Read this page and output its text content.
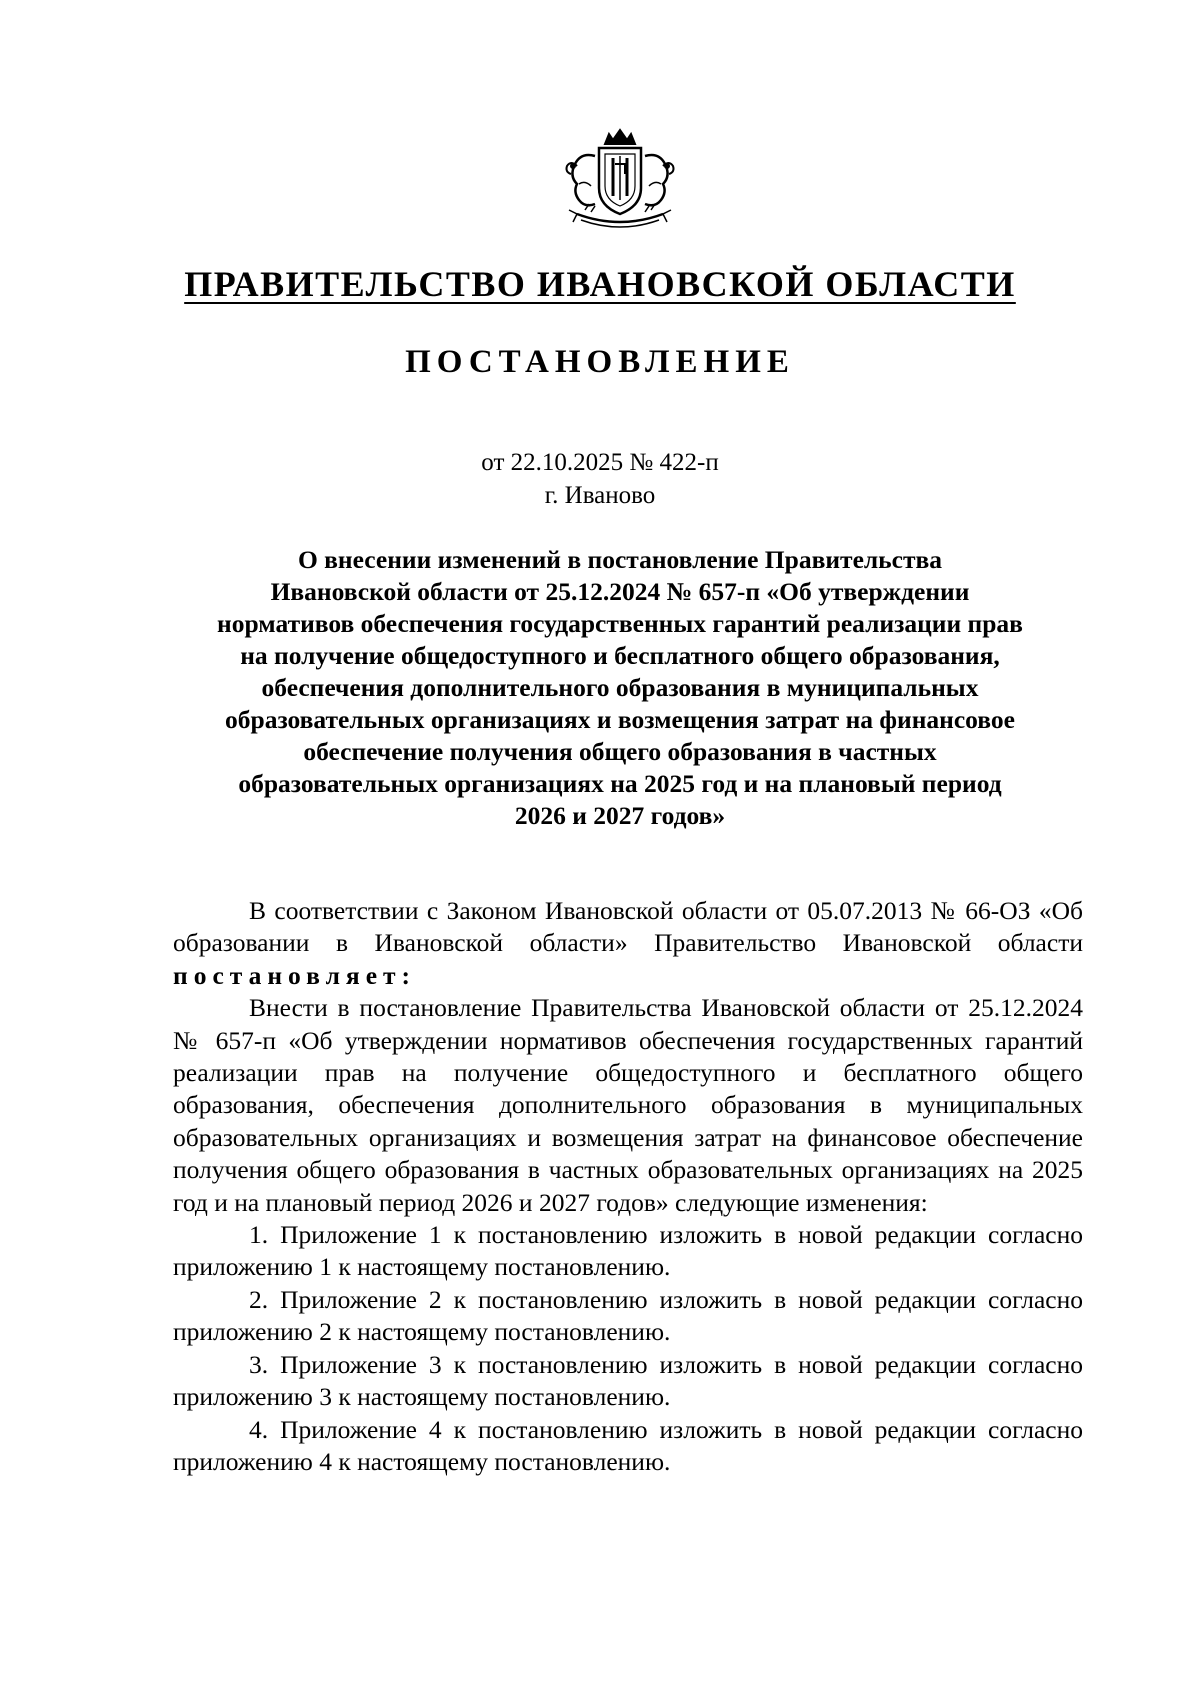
ПРАВИТЕЛЬСТВО ИВАНОВСКОЙ ОБЛАСТИ
ПОСТАНОВЛЕНИЕ
от 22.10.2025 № 422-п
г. Иваново
О внесении изменений в постановление Правительства
Ивановской области от 25.12.2024 № 657-п «Об утверждении
нормативов обеспечения государственных гарантий реализации прав
на получение общедоступного и бесплатного общего образования,
обеспечения дополнительного образования в муниципальных
образовательных организациях и возмещения затрат на финансовое
обеспечение получения общего образования в частных
образовательных организациях на 2025 год и на плановый период
2026 и 2027 годов»

В соответствии с Законом Ивановской области от 05.07.2013 № 66-ОЗ «Об образовании в Ивановской области» Правительство Ивановской области постановляет:

Внести в постановление Правительства Ивановской области от 25.12.2024 № 657-п «Об утверждении нормативов обеспечения государственных гарантий реализации прав на получение общедоступного и бесплатного общего образования, обеспечения дополнительного образования в муниципальных образовательных организациях и возмещения затрат на финансовое обеспечение получения общего образования в частных образовательных организациях на 2025 год и на плановый период 2026 и 2027 годов» следующие изменения:

1. Приложение 1 к постановлению изложить в новой редакции согласно приложению 1 к настоящему постановлению.

2. Приложение 2 к постановлению изложить в новой редакции согласно приложению 2 к настоящему постановлению.

3. Приложение 3 к постановлению изложить в новой редакции согласно приложению 3 к настоящему постановлению.

4. Приложение 4 к постановлению изложить в новой редакции согласно приложению 4 к настоящему постановлению.
